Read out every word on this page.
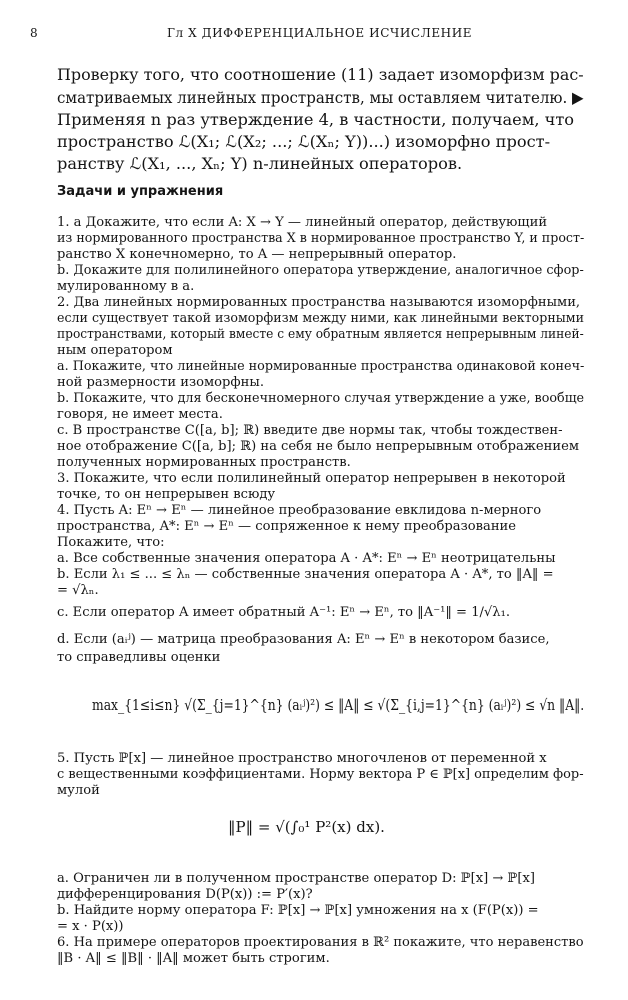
8	Гл X ДИФФЕРЕНЦИАЛЬНОЕ ИСЧИСЛЕНИЕ
Проверку того, что соотношение (11) задает изоморфизм рас-
сматриваемых линейных пространств, мы оставляем читателю. ▶
Применяя n раз утверждение 4, в частности, получаем, что
пространство ℒ(X₁; ℒ(X₂; ...; ℒ(Xₙ; Y))...) изоморфно прост-
ранству ℒ(X₁, ..., Xₙ; Y) n-линейных операторов.
Задачи и упражнения
1. а Докажите, что если A: X → Y — линейный оператор, действующий
из нормированного пространства X в нормированное пространство Y, и прост-
ранство X конечномерно, то A — непрерывный оператор.
b. Докажите для полилинейного оператора утверждение, аналогичное сфор-
мулированному в а.
2. Два линейных нормированных пространства называются изоморфными,
если существует такой изоморфизм между ними, как линейными векторными
пространствами, который вместе с ему обратным является непрерывным линей-
ным оператором
а. Покажите, что линейные нормированные пространства одинаковой конеч-
ной размерности изоморфны.
b. Покажите, что для бесконечномерного случая утверждение а уже, вообще
говоря, не имеет места.
с. В пространстве C([a, b]; ℝ) введите две нормы так, чтобы тождествен-
ное отображение C([a, b]; ℝ) на себя не было непрерывным отображением
полученных нормированных пространств.
3. Покажите, что если полилинейный оператор непрерывен в некоторой
точке, то он непрерывен всюду
4. Пусть A: Eⁿ → Eⁿ — линейное преобразование евклидова n-мерного
пространства, A*: Eⁿ → Eⁿ — сопряженное к нему преобразование
Покажите, что:
а. Все собственные значения оператора A · A*: Eⁿ → Eⁿ неотрицательны
b. Если λ₁ ≤ ... ≤ λₙ — собственные значения оператора A · A*, то ‖A‖ =
= √λₙ.
с. Если оператор A имеет обратный A⁻¹: Eⁿ → Eⁿ, то ‖A⁻¹‖ = 1/√λ₁.
d. Если (aᵢʲ) — матрица преобразования A: Eⁿ → Eⁿ в некотором базисе,
то справедливы оценки
max_{1≤i≤n} √(Σ_{j=1}^{n} (aᵢʲ)²) ≤ ‖A‖ ≤ √(Σ_{i,j=1}^{n} (aᵢʲ)²) ≤ √n ‖A‖.
5. Пусть ℙ[x] — линейное пространство многочленов от переменной x
с вещественными коэффициентами. Норму вектора P ∈ ℙ[x] определим фор-
мулой
‖P‖ = √(∫₀¹ P²(x) dx).
а. Ограничен ли в полученном пространстве оператор D: ℙ[x] → ℙ[x]
дифференцирования D(P(x)) := P′(x)?
b. Найдите норму оператора F: ℙ[x] → ℙ[x] умножения на x (F(P(x)) =
= x · P(x))
6. На примере операторов проектирования в ℝ² покажите, что неравенство
‖B · A‖ ≤ ‖B‖ · ‖A‖ может быть строгим.
